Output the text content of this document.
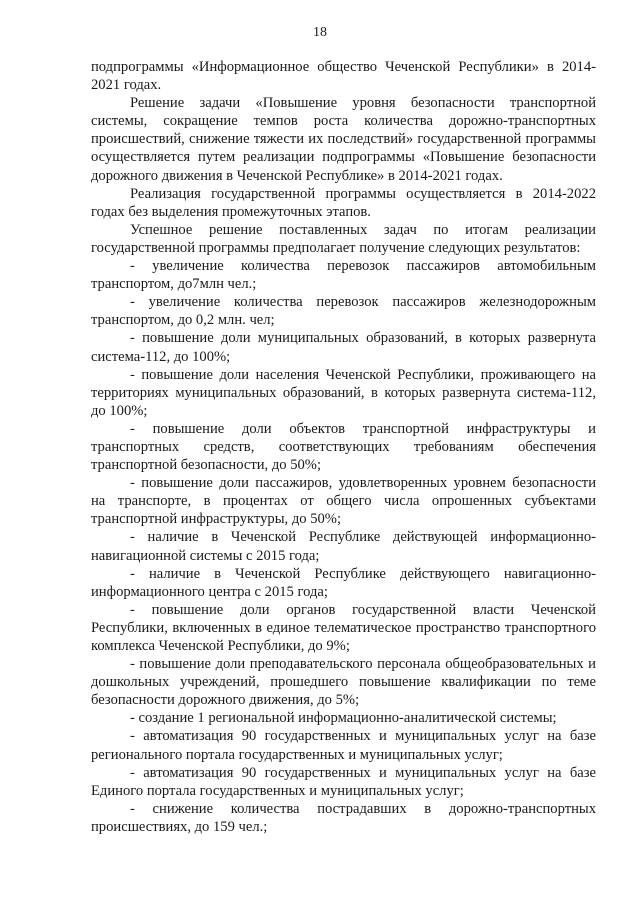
18

подпрограммы «Информационное общество Чеченской Республики» в 2014-2021 годах.

Решение задачи «Повышение уровня безопасности транспортной системы, сокращение темпов роста количества дорожно-транспортных происшествий, снижение тяжести их последствий» государственной программы осуществляется путем реализации подпрограммы «Повышение безопасности дорожного движения в Чеченской Республике» в 2014-2021 годах.

Реализация государственной программы осуществляется в 2014-2022 годах без выделения промежуточных этапов.

Успешное решение поставленных задач по итогам реализации государственной программы предполагает получение следующих результатов:

- увеличение количества перевозок пассажиров автомобильным транспортом, до7млн чел.;

- увеличение количества перевозок пассажиров железнодорожным транспортом, до 0,2 млн. чел;

- повышение доли муниципальных образований, в которых развернута система-112, до 100%;

- повышение доли населения Чеченской Республики, проживающего на территориях муниципальных образований, в которых развернута система-112, до 100%;

- повышение доли объектов транспортной инфраструктуры и транспортных средств, соответствующих требованиям обеспечения транспортной безопасности, до 50%;

- повышение доли пассажиров, удовлетворенных уровнем безопасности на транспорте, в процентах от общего числа опрошенных субъектами транспортной инфраструктуры, до 50%;

- наличие в Чеченской Республике действующей информационно-навигационной системы с 2015 года;

- наличие в Чеченской Республике действующего навигационно-информационного центра с 2015 года;

- повышение доли органов государственной власти Чеченской Республики, включенных в единое телематическое пространство транспортного комплекса Чеченской Республики, до 9%;

- повышение доли преподавательского персонала общеобразовательных и дошкольных учреждений, прошедшего повышение квалификации по теме безопасности дорожного движения, до 5%;

- создание 1 региональной информационно-аналитической системы;

- автоматизация 90 государственных и муниципальных услуг на базе регионального портала государственных и муниципальных услуг;

- автоматизация 90 государственных и муниципальных услуг на базе Единого портала государственных и муниципальных услуг;

- снижение количества пострадавших в дорожно-транспортных происшествиях, до 159 чел.;
